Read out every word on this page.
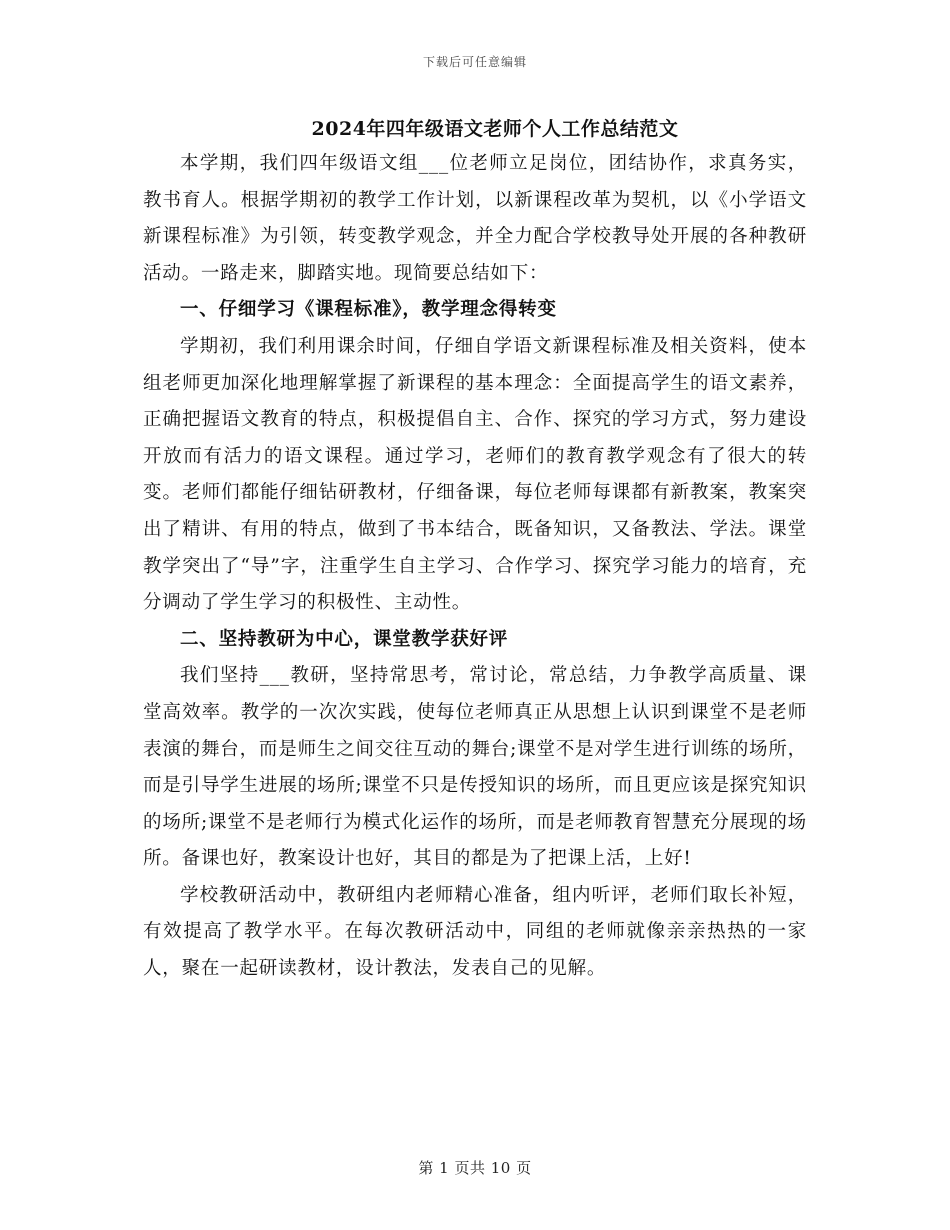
下载后可任意编辑
2024年四年级语文老师个人工作总结范文

本学期，我们四年级语文组___位老师立足岗位，团结协作，求真务实，教书育人。根据学期初的教学工作计划，以新课程改革为契机，以《小学语文新课程标准》为引领，转变教学观念，并全力配合学校教导处开展的各种教研活动。一路走来，脚踏实地。现简要总结如下：

一、仔细学习《课程标准》，教学理念得转变

学期初，我们利用课余时间，仔细自学语文新课程标准及相关资料，使本组老师更加深化地理解掌握了新课程的基本理念：全面提高学生的语文素养，正确把握语文教育的特点，积极提倡自主、合作、探究的学习方式，努力建设开放而有活力的语文课程。通过学习，老师们的教育教学观念有了很大的转变。老师们都能仔细钻研教材，仔细备课，每位老师每课都有新教案，教案突出了精讲、有用的特点，做到了书本结合，既备知识，又备教法、学法。课堂教学突出了“导”字，注重学生自主学习、合作学习、探究学习能力的培育，充分调动了学生学习的积极性、主动性。

二、坚持教研为中心，课堂教学获好评

我们坚持___教研，坚持常思考，常讨论，常总结，力争教学高质量、课堂高效率。教学的一次次实践，使每位老师真正从思想上认识到课堂不是老师表演的舞台，而是师生之间交往互动的舞台;课堂不是对学生进行训练的场所，而是引导学生进展的场所;课堂不只是传授知识的场所，而且更应该是探究知识的场所;课堂不是老师行为模式化运作的场所，而是老师教育智慧充分展现的场所。备课也好，教案设计也好，其目的都是为了把课上活，上好!

学校教研活动中，教研组内老师精心准备，组内听评，老师们取长补短，有效提高了教学水平。在每次教研活动中，同组的老师就像亲亲热热的一家人，聚在一起研读教材，设计教法，发表自己的见解。

第 1 页共 10 页
